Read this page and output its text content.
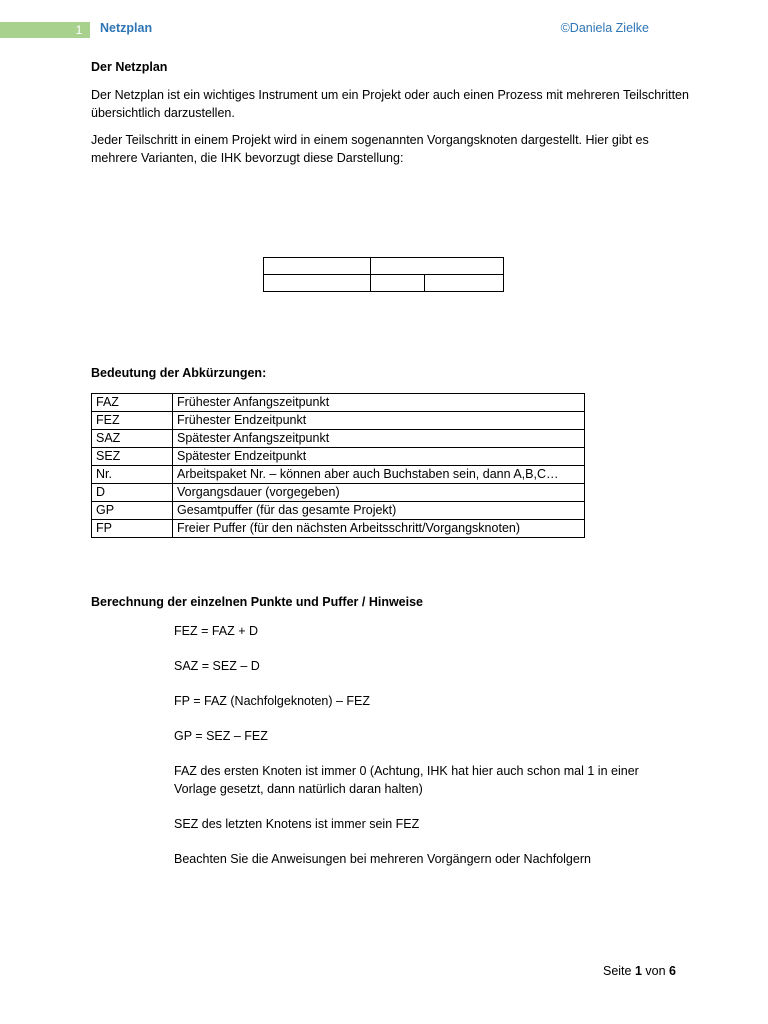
1	Netzplan	©Daniela Zielke
Der Netzplan
Der Netzplan ist ein wichtiges Instrument um ein Projekt oder auch einen Prozess mit mehreren Teilschritten übersichtlich darzustellen.
Jeder Teilschritt in einem Projekt wird in einem sogenannten Vorgangsknoten dargestellt. Hier gibt es mehrere Varianten, die IHK bevorzugt diese Darstellung:

Bedeutung der Abkürzungen:
FAZ	Frühester Anfangszeitpunkt
FEZ	Frühester Endzeitpunkt
SAZ	Spätester Anfangszeitpunkt
SEZ	Spätester Endzeitpunkt
Nr.	Arbeitspaket Nr. – können aber auch Buchstaben sein, dann A,B,C…
D	Vorgangsdauer (vorgegeben)
GP	Gesamtpuffer (für das gesamte Projekt)
FP	Freier Puffer (für den nächsten Arbeitsschritt/Vorgangsknoten)
Berechnung der einzelnen Punkte und Puffer / Hinweise
FEZ = FAZ + D
SAZ = SEZ – D
FP = FAZ (Nachfolgeknoten) – FEZ
GP = SEZ – FEZ
FAZ des ersten Knoten ist immer 0 (Achtung, IHK hat hier auch schon mal 1 in einer Vorlage gesetzt, dann natürlich daran halten)
SEZ des letzten Knotens ist immer sein FEZ
Beachten Sie die Anweisungen bei mehreren Vorgängern oder Nachfolgern
Seite 1 von 6
